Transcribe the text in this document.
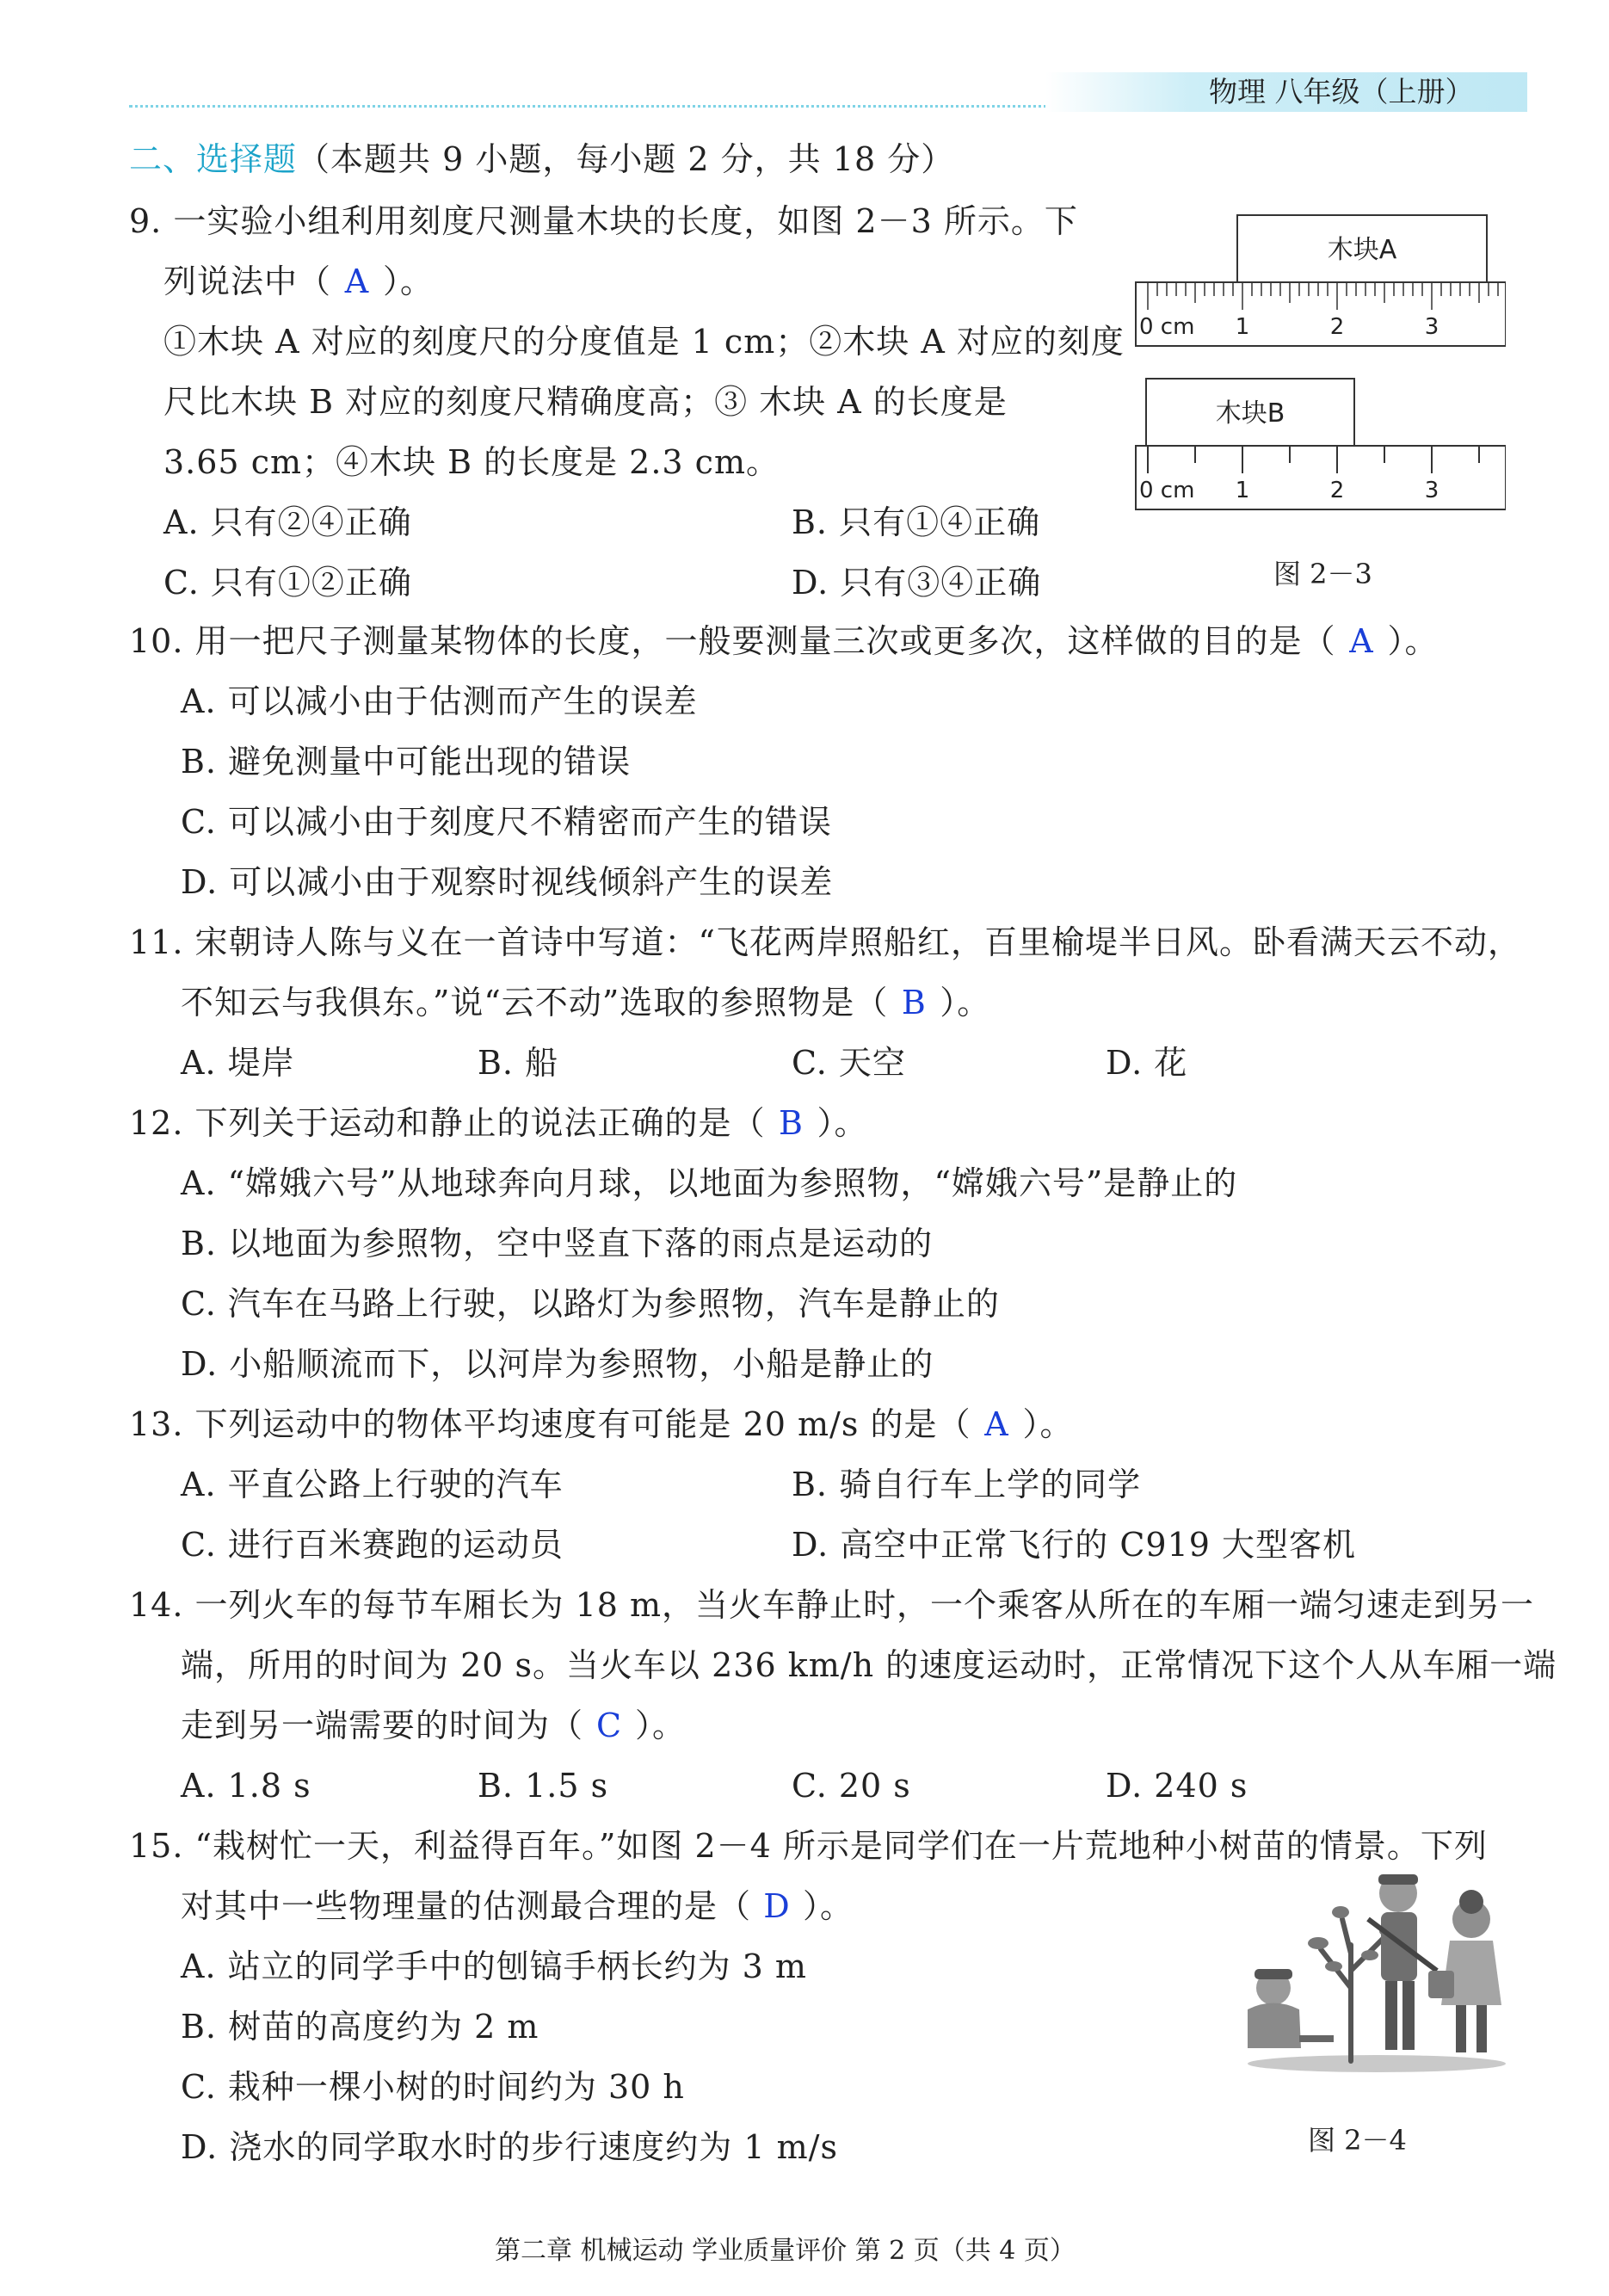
物理 八年级（上册）
二、选择题（本题共 9 小题，每小题 2 分，共 18 分）
9. 一实验小组利用刻度尺测量木块的长度，如图 2－3 所示。下
列说法中（ A ）。
①木块 A 对应的刻度尺的分度值是 1 cm；②木块 A 对应的刻度
尺比木块 B 对应的刻度尺精确度高；③ 木块 A 的长度是
3.65 cm；④木块 B 的长度是 2.3 cm。
A. 只有②④正确	B. 只有①④正确
C. 只有①②正确	D. 只有③④正确
木块A
0 cm 1	2	3
木块B
0 cm 1	2	3
图 2－3
10. 用一把尺子测量某物体的长度，一般要测量三次或更多次，这样做的目的是（ A ）。
A. 可以减小由于估测而产生的误差
B. 避免测量中可能出现的错误
C. 可以减小由于刻度尺不精密而产生的错误
D. 可以减小由于观察时视线倾斜产生的误差
11. 宋朝诗人陈与义在一首诗中写道：“飞花两岸照船红，百里榆堤半日风。卧看满天云不动，
不知云与我俱东。”说“云不动”选取的参照物是（ B ）。
A. 堤岸	B. 船	C. 天空	D. 花
12. 下列关于运动和静止的说法正确的是（ B ）。
A. “嫦娥六号”从地球奔向月球，以地面为参照物，“嫦娥六号”是静止的
B. 以地面为参照物，空中竖直下落的雨点是运动的
C. 汽车在马路上行驶，以路灯为参照物，汽车是静止的
D. 小船顺流而下，以河岸为参照物，小船是静止的
13. 下列运动中的物体平均速度有可能是 20 m/s 的是（ A ）。
A. 平直公路上行驶的汽车	B. 骑自行车上学的同学
C. 进行百米赛跑的运动员	D. 高空中正常飞行的 C919 大型客机
14. 一列火车的每节车厢长为 18 m，当火车静止时，一个乘客从所在的车厢一端匀速走到另一
端，所用的时间为 20 s。当火车以 236 km/h 的速度运动时，正常情况下这个人从车厢一端
走到另一端需要的时间为（ C ）。
A. 1.8 s	B. 1.5 s	C. 20 s	D. 240 s
15. “栽树忙一天，利益得百年。”如图 2－4 所示是同学们在一片荒地种小树苗的情景。下列
对其中一些物理量的估测最合理的是（ D ）。
A. 站立的同学手中的刨镐手柄长约为 3 m
B. 树苗的高度约为 2 m
C. 栽种一棵小树的时间约为 30 h
D. 浇水的同学取水时的步行速度约为 1 m/s	图 2－4
第二章 机械运动 学业质量评价 第 2 页（共 4 页）
